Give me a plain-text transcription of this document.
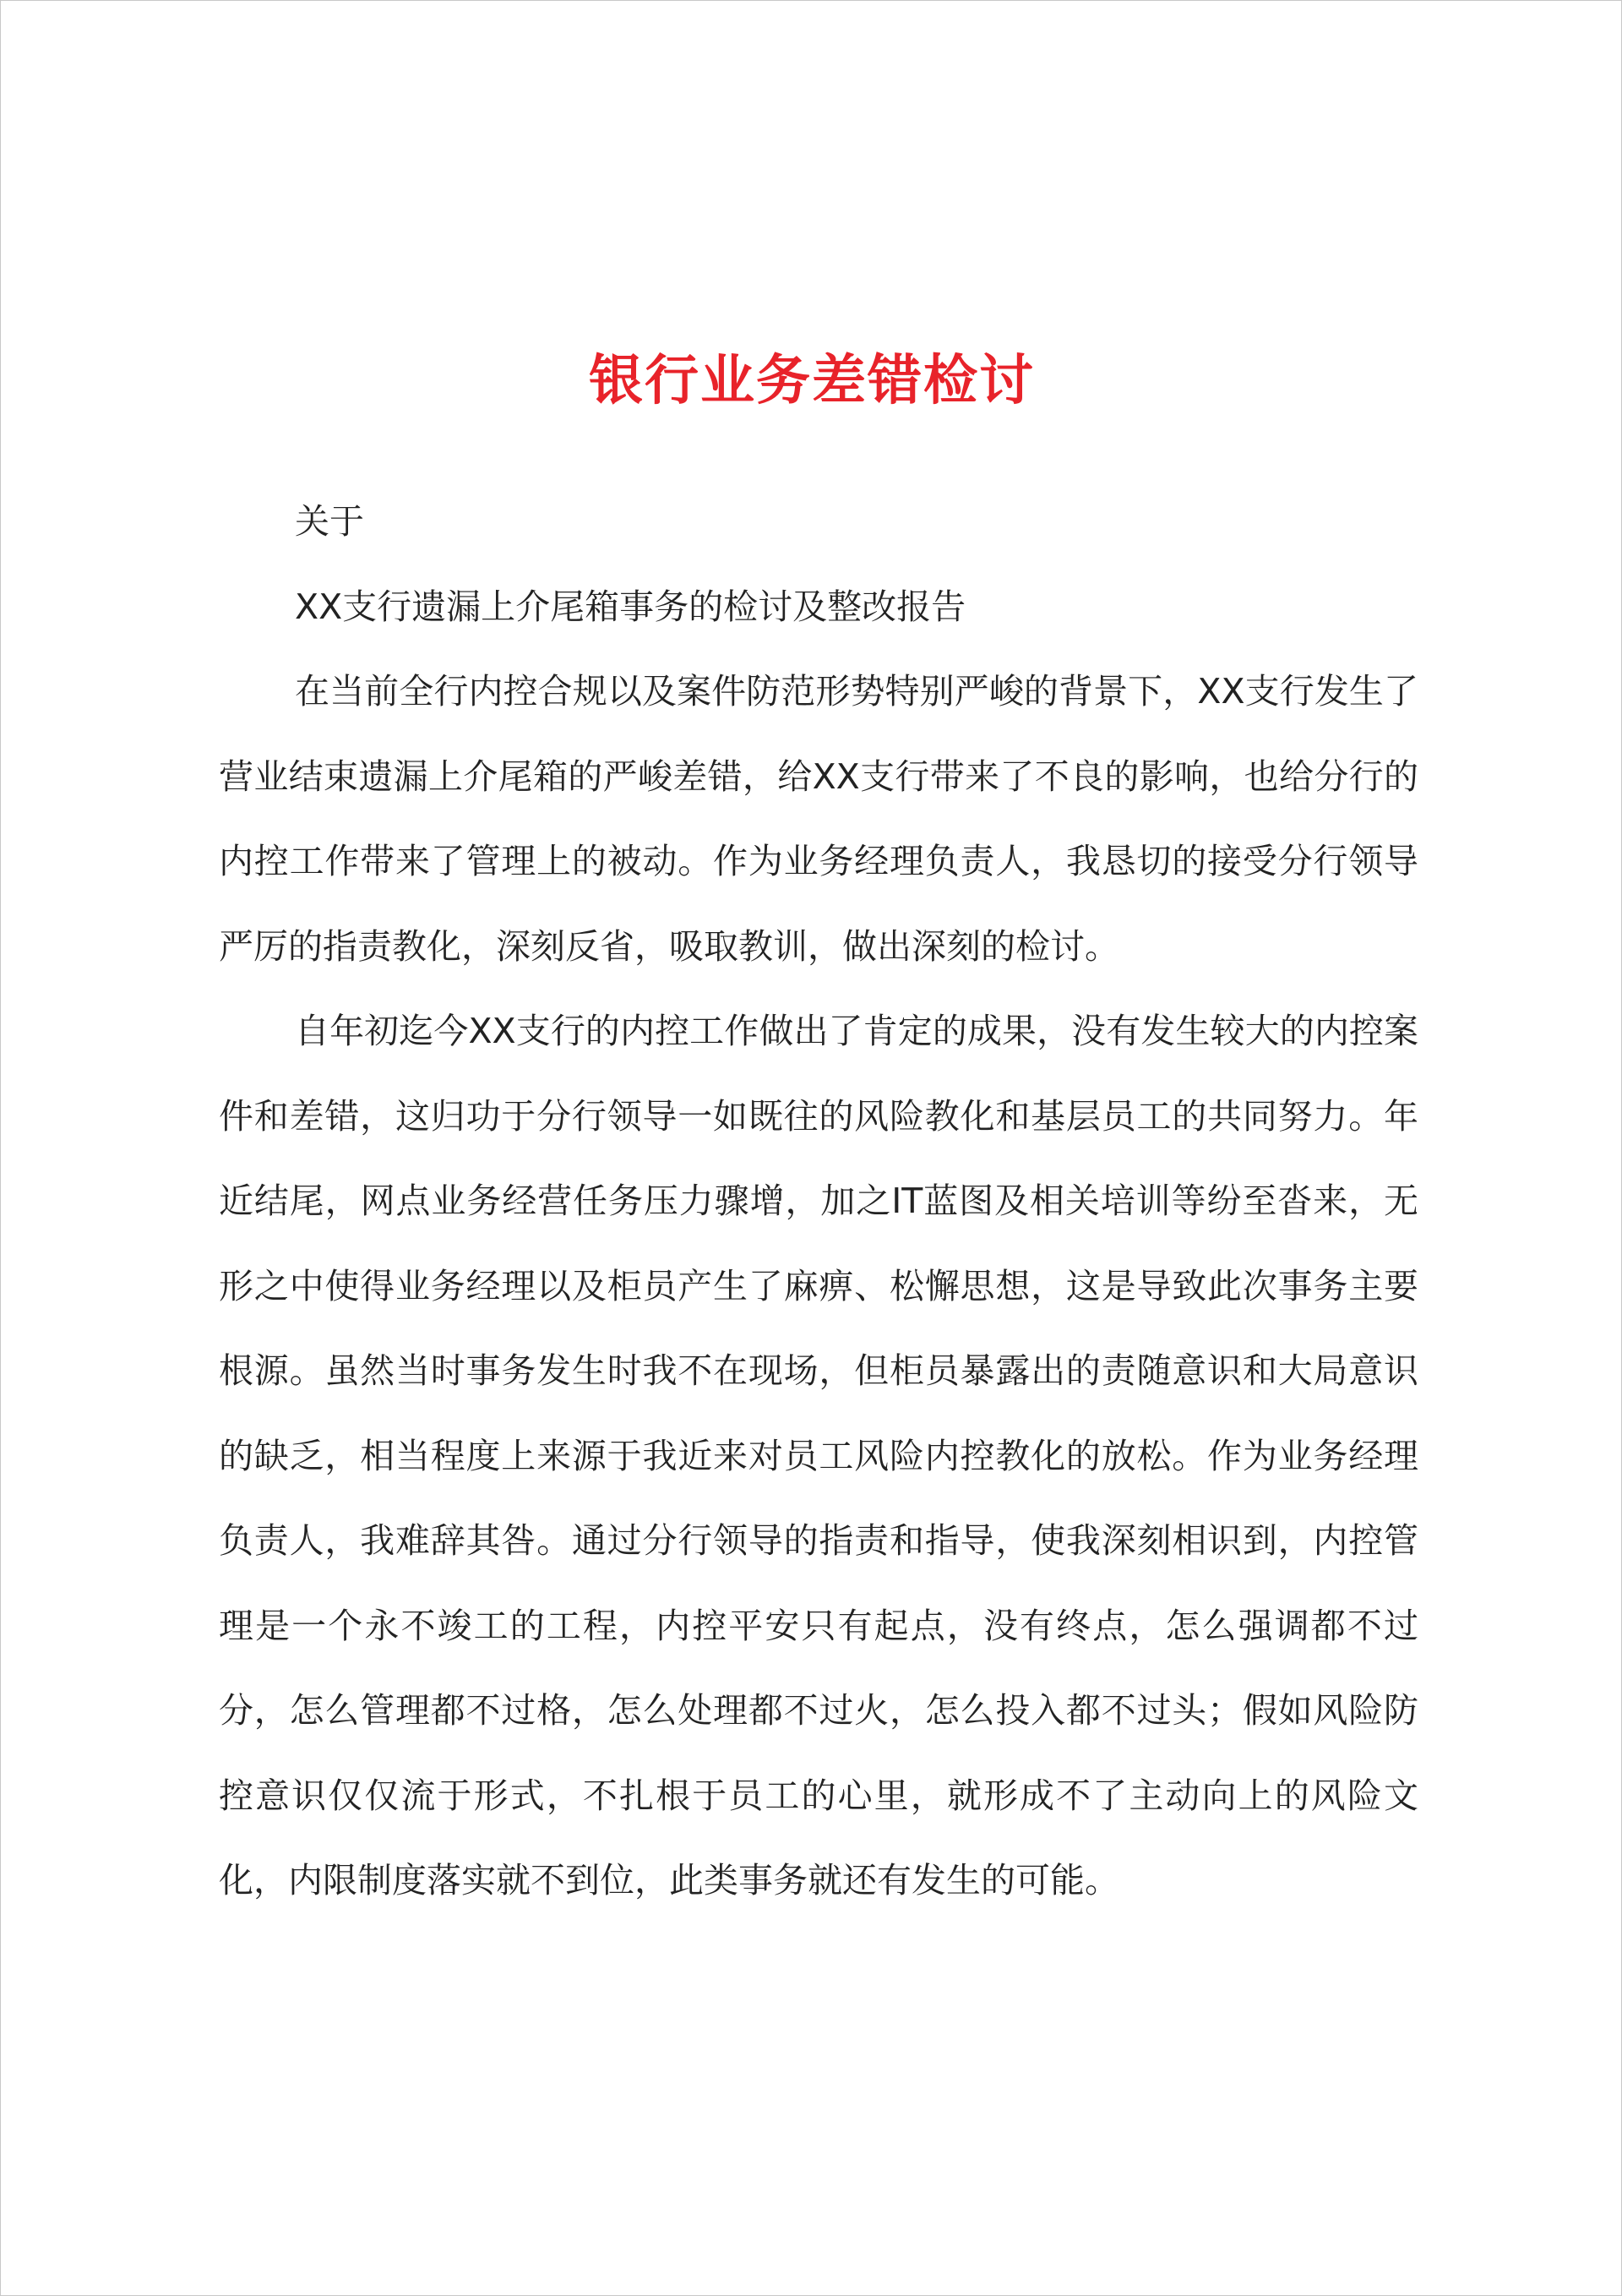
银行业务差错检讨

关于

XX支行遗漏上介尾箱事务的检讨及整改报告

在当前全行内控合规以及案件防范形势特别严峻的背景下，XX支行发生了营业结束遗漏上介尾箱的严峻差错，给XX支行带来了不良的影响，也给分行的内控工作带来了管理上的被动。作为业务经理负责人，我恳切的接受分行领导严厉的指责教化，深刻反省，吸取教训，做出深刻的检讨。

自年初迄今XX支行的内控工作做出了肯定的成果，没有发生较大的内控案件和差错，这归功于分行领导一如既往的风险教化和基层员工的共同努力。年近结尾，网点业务经营任务压力骤增，加之IT蓝图及相关培训等纷至沓来，无形之中使得业务经理以及柜员产生了麻痹、松懈思想，这是导致此次事务主要根源。虽然当时事务发生时我不在现场，但柜员暴露出的责随意识和大局意识的缺乏，相当程度上来源于我近来对员工风险内控教化的放松。作为业务经理负责人，我难辞其咎。通过分行领导的指责和指导，使我深刻相识到，内控管理是一个永不竣工的工程，内控平安只有起点，没有终点，怎么强调都不过分，怎么管理都不过格，怎么处理都不过火，怎么投入都不过头；假如风险防控意识仅仅流于形式，不扎根于员工的心里，就形成不了主动向上的风险文化，内限制度落实就不到位，此类事务就还有发生的可能。
